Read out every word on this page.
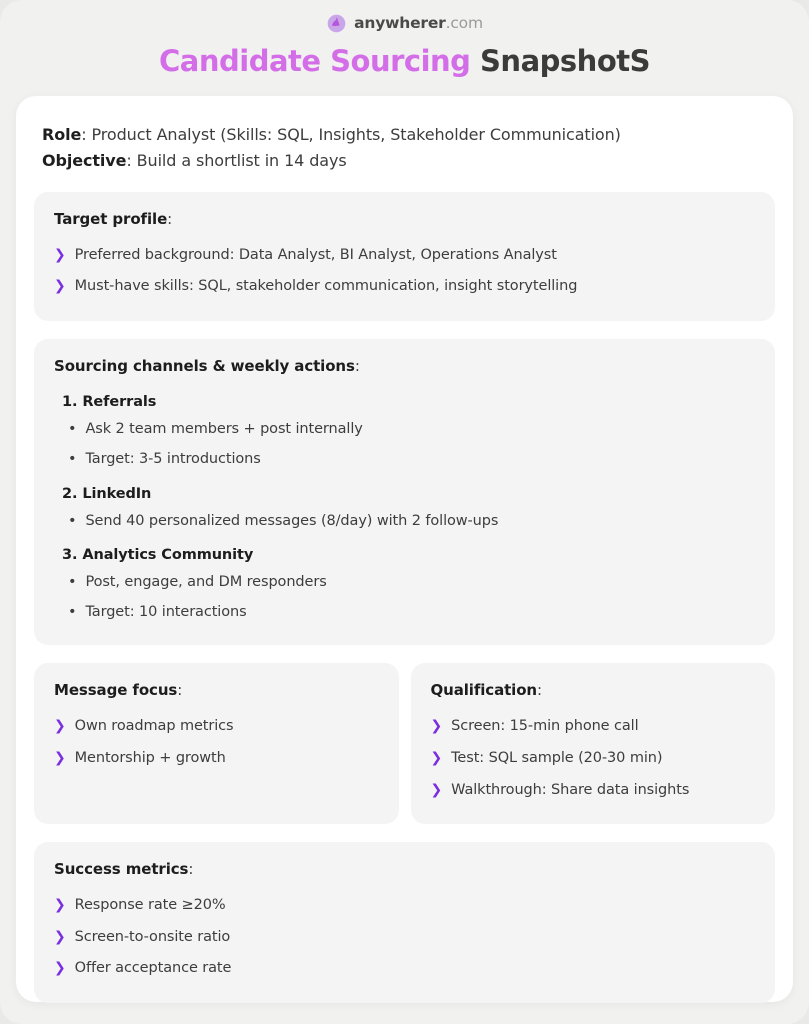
anywherer.com
Candidate Sourcing SnapshotS
Role: Product Analyst (Skills: SQL, Insights, Stakeholder Communication)
Objective: Build a shortlist in 14 days
Target profile:
❯ Preferred background: Data Analyst, BI Analyst, Operations Analyst
❯ Must-have skills: SQL, stakeholder communication, insight storytelling
Sourcing channels & weekly actions:
1. Referrals
• Ask 2 team members + post internally
• Target: 3-5 introductions
2. LinkedIn
• Send 40 personalized messages (8/day) with 2 follow-ups
3. Analytics Community
• Post, engage, and DM responders
• Target: 10 interactions
Message focus:
❯ Own roadmap metrics
❯ Mentorship + growth
Qualification:
❯ Screen: 15-min phone call
❯ Test: SQL sample (20-30 min)
❯ Walkthrough: Share data insights
Success metrics:
❯ Response rate ≥20%
❯ Screen-to-onsite ratio
❯ Offer acceptance rate
